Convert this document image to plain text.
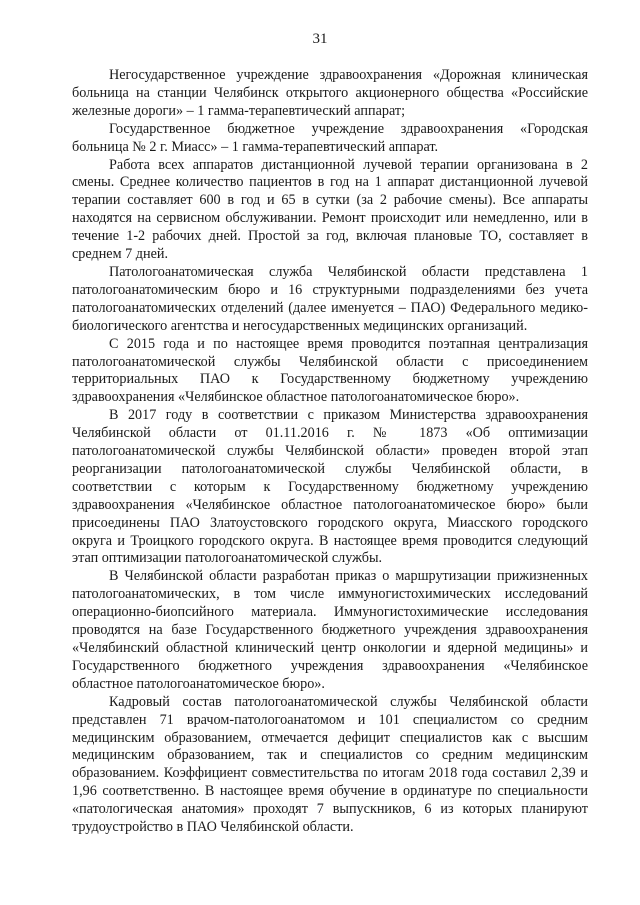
31

Негосударственное учреждение здравоохранения «Дорожная клиническая больница на станции Челябинск открытого акционерного общества «Российские железные дороги» – 1 гамма-терапевтический аппарат;

Государственное бюджетное учреждение здравоохранения «Городская больница № 2 г. Миасс» – 1 гамма-терапевтический аппарат.

Работа всех аппаратов дистанционной лучевой терапии организована в 2 смены. Среднее количество пациентов в год на 1 аппарат дистанционной лучевой терапии составляет 600 в год и 65 в сутки (за 2 рабочие смены). Все аппараты находятся на сервисном обслуживании. Ремонт происходит или немедленно, или в течение 1-2 рабочих дней. Простой за год, включая плановые ТО, составляет в среднем 7 дней.

Патологоанатомическая служба Челябинской области представлена 1 патологоанатомическим бюро и 16 структурными подразделениями без учета патологоанатомических отделений (далее именуется – ПАО) Федерального медико-биологического агентства и негосударственных медицинских организаций.

С 2015 года и по настоящее время проводится поэтапная централизация патологоанатомической службы Челябинской области с присоединением территориальных ПАО к Государственному бюджетному учреждению здравоохранения «Челябинское областное патологоанатомическое бюро».

В 2017 году в соответствии с приказом Министерства здравоохранения Челябинской области от 01.11.2016 г. № 1873 «Об оптимизации патологоанатомической службы Челябинской области» проведен второй этап реорганизации патологоанатомической службы Челябинской области, в соответствии с которым к Государственному бюджетному учреждению здравоохранения «Челябинское областное патологоанатомическое бюро» были присоединены ПАО Златоустовского городского округа, Миасского городского округа и Троицкого городского округа. В настоящее время проводится следующий этап оптимизации патологоанатомической службы.

В Челябинской области разработан приказ о маршрутизации прижизненных патологоанатомических, в том числе иммуногистохимических исследований операционно-биопсийного материала. Иммуногистохимические исследования проводятся на базе Государственного бюджетного учреждения здравоохранения «Челябинский областной клинический центр онкологии и ядерной медицины» и Государственного бюджетного учреждения здравоохранения «Челябинское областное патологоанатомическое бюро».

Кадровый состав патологоанатомической службы Челябинской области представлен 71 врачом-патологоанатомом и 101 специалистом со средним медицинским образованием, отмечается дефицит специалистов как с высшим медицинским образованием, так и специалистов со средним медицинским образованием. Коэффициент совместительства по итогам 2018 года составил 2,39 и 1,96 соответственно. В настоящее время обучение в ординатуре по специальности «патологическая анатомия» проходят 7 выпускников, 6 из которых планируют трудоустройство в ПАО Челябинской области.
